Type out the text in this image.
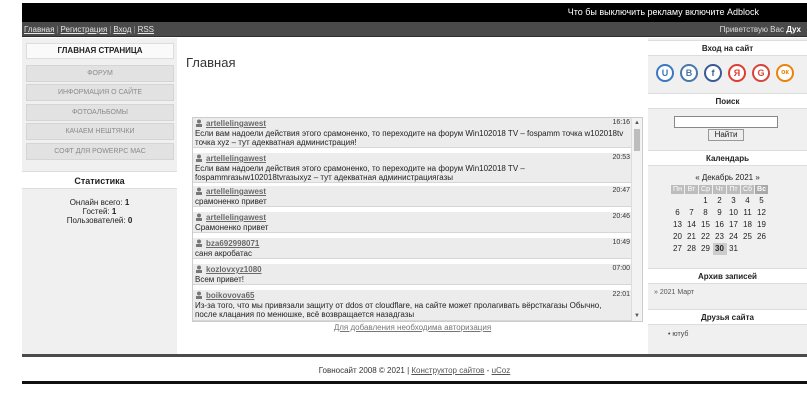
Что бы выключить рекламу включите Adblock
Главная | Регистрация | Вход | RSS	Приветствую Вас Дух
ГЛАВНАЯ СТРАНИЦА
ФОРУМ
ИНФОРМАЦИЯ О САЙТЕ
ФОТОАЛЬБОМЫ
КАЧАЕМ НЕШТЯЧКИ
СОФТ ДЛЯ POWERPC MAC
Статистика
Онлайн всего: 1
Гостей: 1
Пользователей: 0
Главная
artellelingawest	16:16
Если вам надоели действия этого срамоненко, то переходите на форум Win102018 TV – fospamm точка w102018tv точка xyz – тут адекватная администрация!
artellelingawest	20:53
Если вам надоели действия этого срамоненко, то переходите на форум Win102018 TV – fospammrазыw102018tvrазыxyz – тут адекватная администрациягазы
artellelingawest	20:47
срамоненко привет
artellelingawest	20:46
Срамоненко привет
bza692998071	10:49
саня акробатас
kozlovxyz1080	07:00
Всем привет!
boikovova65	22:01
Из-за того, что мы привязали защиту от ddos от cloudflare, на сайте может пролагивать вёрсткагазы Обычно, после клацания по менюшке, всё возвращается назадгазы
▲
▼
Для добавления необходима авторизация
Вход на сайт
U	B	f	Я	G	ок
Поиск
Найти
Календарь
« Декабрь 2021 »
Пн	Вт	Ср	Чт	Пт	Сб	Вс
		1	2	3	4	5
6	7	8	9	10	11	12
13	14	15	16	17	18	19
20	21	22	23	24	25	26
27	28	29	30	31		
Архив записей
» 2021 Март
Друзья сайта
• ютуб
Говносайт 2008 © 2021 | Конструктор сайтов - uCoz
